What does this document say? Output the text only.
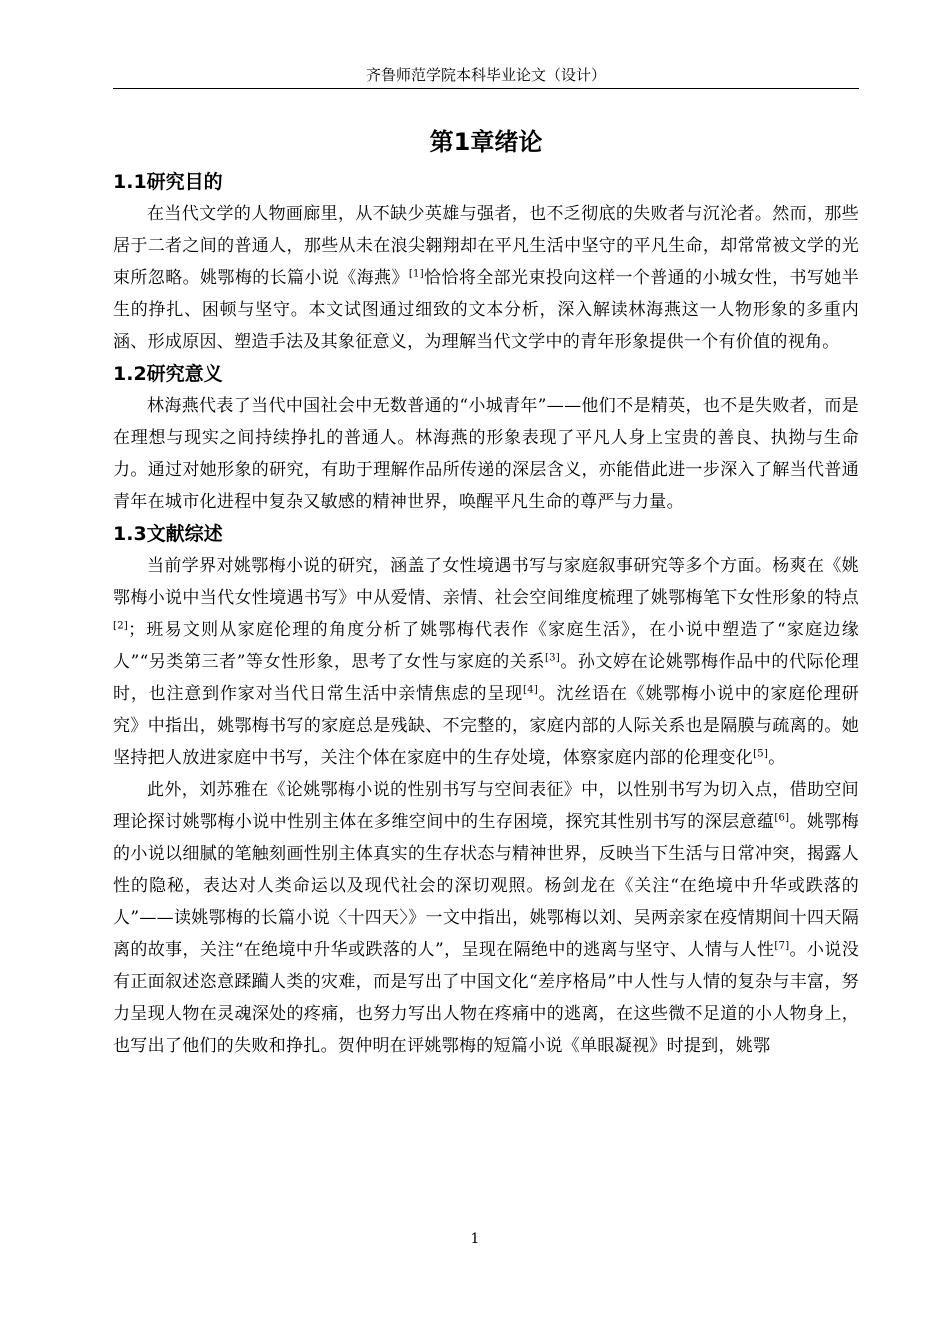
齐鲁师范学院本科毕业论文（设计）
第1章绪论
1.1研究目的

在当代文学的人物画廊里，从不缺少英雄与强者，也不乏彻底的失败者与沉沦者。然而，那些居于二者之间的普通人，那些从未在浪尖翱翔却在平凡生活中坚守的平凡生命，却常常被文学的光束所忽略。姚鄂梅的长篇小说《海燕》[1]恰恰将全部光束投向这样一个普通的小城女性，书写她半生的挣扎、困顿与坚守。本文试图通过细致的文本分析，深入解读林海燕这一人物形象的多重内涵、形成原因、塑造手法及其象征意义，为理解当代文学中的青年形象提供一个有价值的视角。

1.2研究意义

林海燕代表了当代中国社会中无数普通的“小城青年”——他们不是精英，也不是失败者，而是在理想与现实之间持续挣扎的普通人。林海燕的形象表现了平凡人身上宝贵的善良、执拗与生命力。通过对她形象的研究，有助于理解作品所传递的深层含义，亦能借此进一步深入了解当代普通青年在城市化进程中复杂又敏感的精神世界，唤醒平凡生命的尊严与力量。

1.3文献综述

当前学界对姚鄂梅小说的研究，涵盖了女性境遇书写与家庭叙事研究等多个方面。杨爽在《姚鄂梅小说中当代女性境遇书写》中从爱情、亲情、社会空间维度梳理了姚鄂梅笔下女性形象的特点[2]；班易文则从家庭伦理的角度分析了姚鄂梅代表作《家庭生活》，在小说中塑造了“家庭边缘人”“另类第三者”等女性形象，思考了女性与家庭的关系[3]。孙文婷在论姚鄂梅作品中的代际伦理时，也注意到作家对当代日常生活中亲情焦虑的呈现[4]。沈丝语在《姚鄂梅小说中的家庭伦理研究》中指出，姚鄂梅书写的家庭总是残缺、不完整的，家庭内部的人际关系也是隔膜与疏离的。她坚持把人放进家庭中书写，关注个体在家庭中的生存处境，体察家庭内部的伦理变化[5]。

此外，刘苏雅在《论姚鄂梅小说的性别书写与空间表征》中，以性别书写为切入点，借助空间理论探讨姚鄂梅小说中性别主体在多维空间中的生存困境，探究其性别书写的深层意蕴[6]。姚鄂梅的小说以细腻的笔触刻画性别主体真实的生存状态与精神世界，反映当下生活与日常冲突，揭露人性的隐秘，表达对人类命运以及现代社会的深切观照。杨剑龙在《关注“在绝境中升华或跌落的人”——读姚鄂梅的长篇小说〈十四天〉》一文中指出，姚鄂梅以刘、吴两亲家在疫情期间十四天隔离的故事，关注“在绝境中升华或跌落的人”，呈现在隔绝中的逃离与坚守、人情与人性[7]。小说没有正面叙述恣意蹂躏人类的灾难，而是写出了中国文化“差序格局”中人性与人情的复杂与丰富，努力呈现人物在灵魂深处的疼痛，也努力写出人物在疼痛中的逃离，在这些微不足道的小人物身上，也写出了他们的失败和挣扎。贺仲明在评姚鄂梅的短篇小说《单眼凝视》时提到，姚鄂

1
